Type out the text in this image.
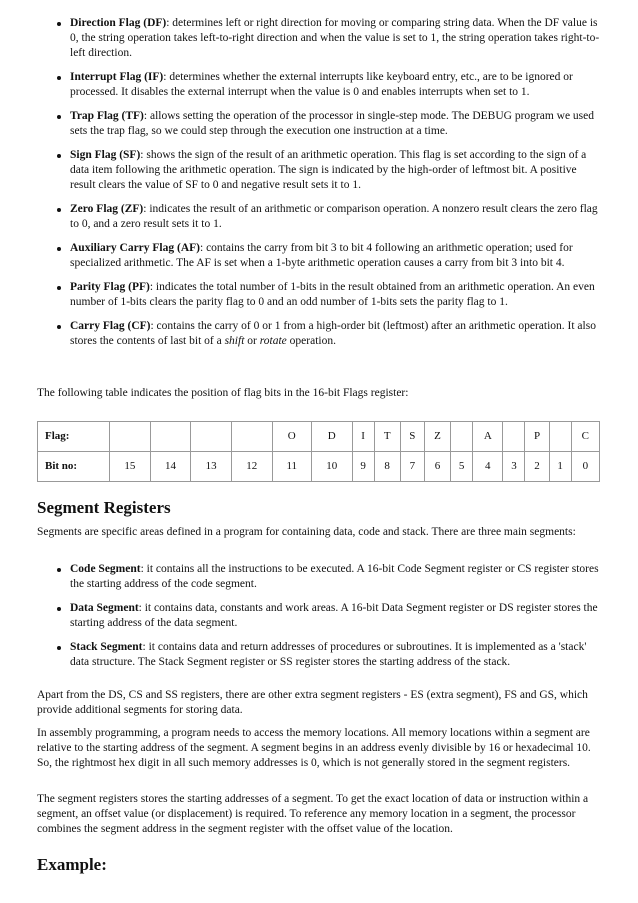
Direction Flag (DF): determines left or right direction for moving or comparing string data. When the DF value is 0, the string operation takes left-to-right direction and when the value is set to 1, the string operation takes right-to-left direction.
Interrupt Flag (IF): determines whether the external interrupts like keyboard entry, etc., are to be ignored or processed. It disables the external interrupt when the value is 0 and enables interrupts when set to 1.
Trap Flag (TF): allows setting the operation of the processor in single-step mode. The DEBUG program we used sets the trap flag, so we could step through the execution one instruction at a time.
Sign Flag (SF): shows the sign of the result of an arithmetic operation. This flag is set according to the sign of a data item following the arithmetic operation. The sign is indicated by the high-order of leftmost bit. A positive result clears the value of SF to 0 and negative result sets it to 1.
Zero Flag (ZF): indicates the result of an arithmetic or comparison operation. A nonzero result clears the zero flag to 0, and a zero result sets it to 1.
Auxiliary Carry Flag (AF): contains the carry from bit 3 to bit 4 following an arithmetic operation; used for specialized arithmetic. The AF is set when a 1-byte arithmetic operation causes a carry from bit 3 into bit 4.
Parity Flag (PF): indicates the total number of 1-bits in the result obtained from an arithmetic operation. An even number of 1-bits clears the parity flag to 0 and an odd number of 1-bits sets the parity flag to 1.
Carry Flag (CF): contains the carry of 0 or 1 from a high-order bit (leftmost) after an arithmetic operation. It also stores the contents of last bit of a shift or rotate operation.
The following table indicates the position of flag bits in the 16-bit Flags register:
Flag:					O	D	I	T	S	Z		A		P		C
Bit no:	15	14	13	12	11	10	9	8	7	6	5	4	3	2	1	0
Segment Registers
Segments are specific areas defined in a program for containing data, code and stack. There are three main segments:
Code Segment: it contains all the instructions to be executed. A 16-bit Code Segment register or CS register stores the starting address of the code segment.
Data Segment: it contains data, constants and work areas. A 16-bit Data Segment register or DS register stores the starting address of the data segment.
Stack Segment: it contains data and return addresses of procedures or subroutines. It is implemented as a 'stack' data structure. The Stack Segment register or SS register stores the starting address of the stack.
Apart from the DS, CS and SS registers, there are other extra segment registers - ES (extra segment), FS and GS, which provide additional segments for storing data.
In assembly programming, a program needs to access the memory locations. All memory locations within a segment are relative to the starting address of the segment. A segment begins in an address evenly divisible by 16 or hexadecimal 10. So, the rightmost hex digit in all such memory addresses is 0, which is not generally stored in the segment registers.
The segment registers stores the starting addresses of a segment. To get the exact location of data or instruction within a segment, an offset value (or displacement) is required. To reference any memory location in a segment, the processor combines the segment address in the segment register with the offset value of the location.
Example:
